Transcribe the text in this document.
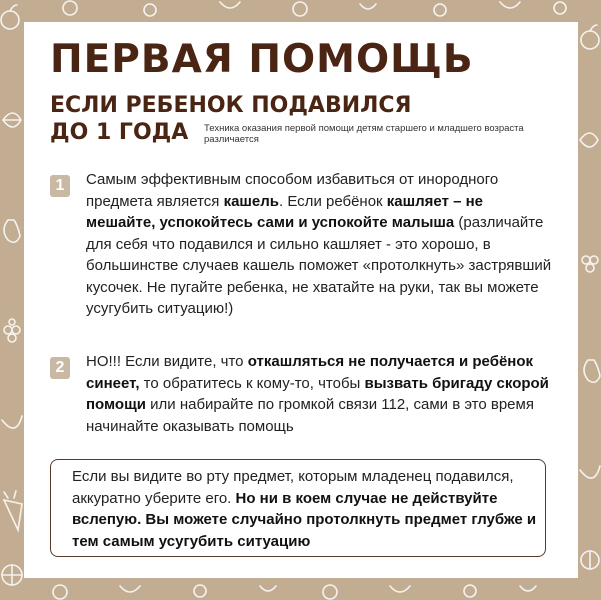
ПЕРВАЯ ПОМОЩЬ
ЕСЛИ РЕБЕНОК ПОДАВИЛСЯ
ДО 1 ГОДА Техника оказания первой помощи детям старшего и младшего возраста различается
1	Самым эффективным способом избавиться от инородного предмета является кашель. Если ребёнок кашляет – не мешайте, успокойтесь сами и успокойте малыша (различайте для себя что подавился и сильно кашляет - это хорошо, в большинстве случаев кашель поможет «протолкнуть» застрявший кусочек. Не пугайте ребенка, не хватайте на руки, так вы можете усугубить ситуацию!)

2	НО!!! Если видите, что откашляться не получается и ребёнок синеет, то обратитесь к кому-то, чтобы вызвать бригаду скорой помощи или набирайте по громкой связи 112, сами в это время начинайте оказывать помощь

Если вы видите во рту предмет, которым младенец подавился, аккуратно уберите его. Но ни в коем случае не действуйте вслепую. Вы можете случайно протолкнуть предмет глубже и тем самым усугубить ситуацию
